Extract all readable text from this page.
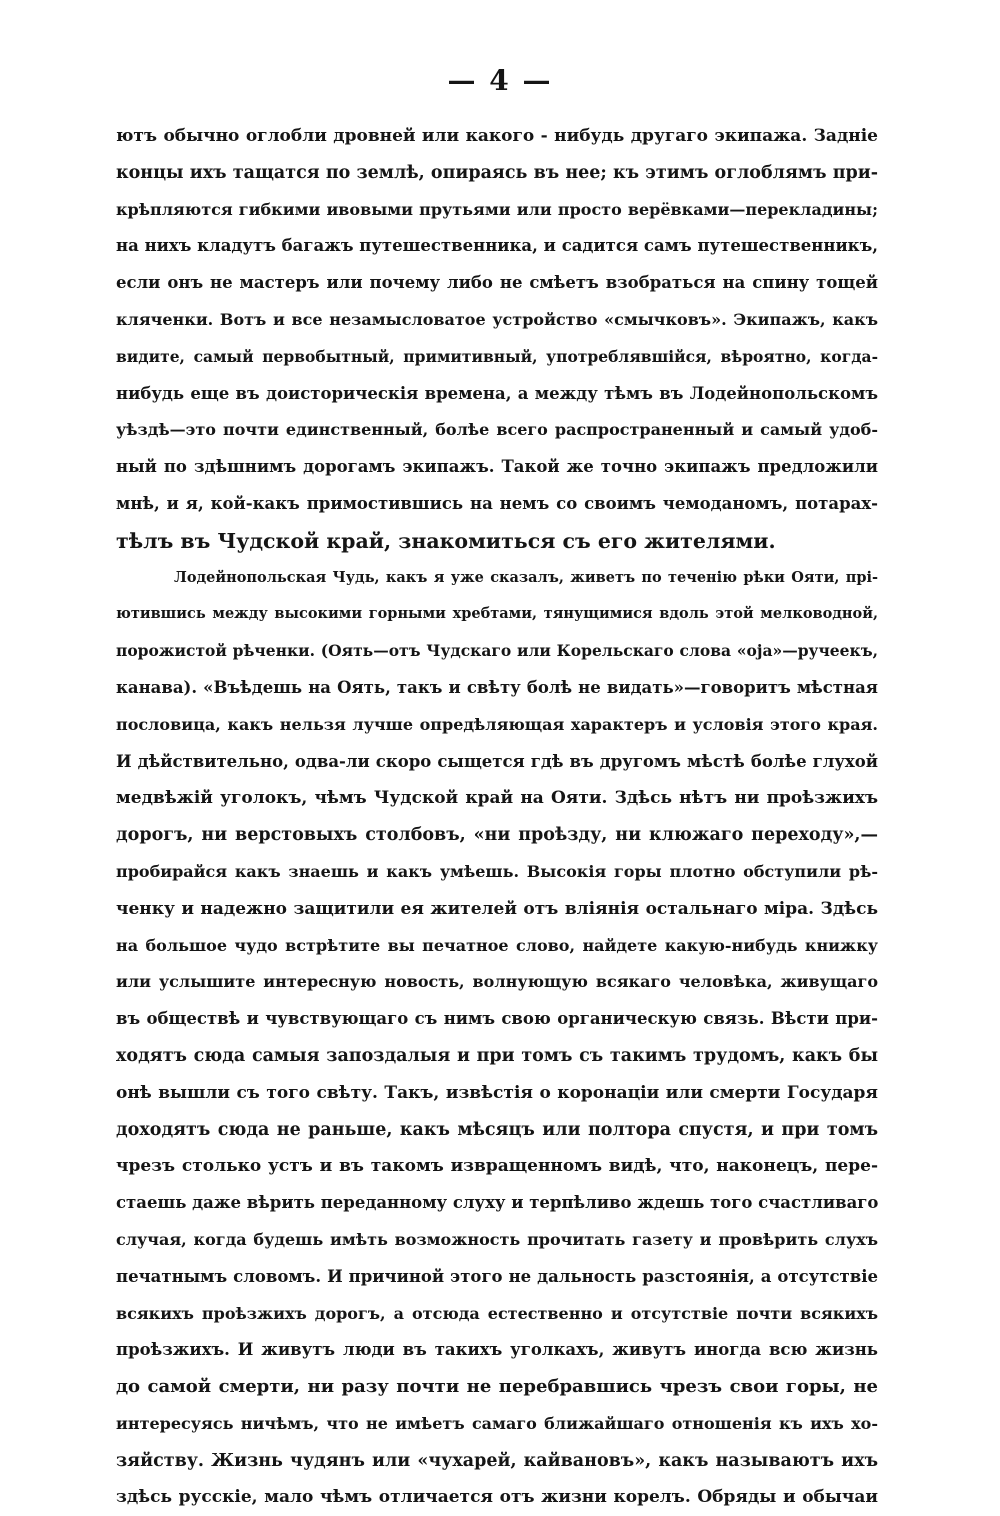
— 4 —
ютъ обычно оглобли дровней или какого - нибудь другаго экипажа. Задніе
концы ихъ тащатся по землѣ, опираясь въ нее; къ этимъ оглоблямъ при-
крѣпляются гибкими ивовыми прутьями или просто верёвками—перекладины;
на нихъ кладутъ багажъ путешественника, и садится самъ путешественникъ,
если онъ не мастеръ или почему либо не смѣетъ взобраться на спину тощей
кляченки. Вотъ и все незамысловатое устройство «смычковъ». Экипажъ, какъ
видите, самый первобытный, примитивный, употреблявшійся, вѣроятно, когда-
нибудь еще въ доисторическія времена, а между тѣмъ въ Лодейнопольскомъ
уѣздѣ—это почти единственный, болѣе всего распространенный и самый удоб-
ный по здѣшнимъ дорогамъ экипажъ. Такой же точно экипажъ предложили
мнѣ, и я, кой-какъ примостившись на немъ со своимъ чемоданомъ, потарах-
тѣлъ въ Чудской край, знакомиться съ его жителями.
Лодейнопольская Чудь, какъ я уже сказалъ, живетъ по теченію рѣки Ояти, прі-
ютившись между высокими горными хребтами, тянущимися вдоль этой мелководной,
порожистой рѣченки. (Оять—отъ Чудскаго или Корельскаго слова «оја»—ручеекъ,
канава). «Въѣдешь на Оять, такъ и свѣту болѣ не видать»—говоритъ мѣстная
пословица, какъ нельзя лучше опредѣляющая характеръ и условія этого края.
И дѣйствительно, одва-ли скоро сыщется гдѣ въ другомъ мѣстѣ болѣе глухой
медвѣжій уголокъ, чѣмъ Чудской край на Ояти. Здѣсь нѣтъ ни проѣзжихъ
дорогъ, ни верстовыхъ столбовъ, «ни проѣзду, ни клюжаго переходу»,—
пробирайся какъ знаешь и какъ умѣешь. Высокія горы плотно обступили рѣ-
ченку и надежно защитили ея жителей отъ вліянія остальнаго міра. Здѣсь
на большое чудо встрѣтите вы печатное слово, найдете какую-нибудь книжку
или услышите интересную новость, волнующую всякаго человѣка, живущаго
въ обществѣ и чувствующаго съ нимъ свою органическую связь. Вѣсти при-
ходятъ сюда самыя запоздалыя и при томъ съ такимъ трудомъ, какъ бы
онѣ вышли съ того свѣту. Такъ, извѣстія о коронаціи или смерти Государя
доходятъ сюда не раньше, какъ мѣсяцъ или полтора спустя, и при томъ
чрезъ столько устъ и въ такомъ извращенномъ видѣ, что, наконецъ, пере-
стаешь даже вѣрить переданному слуху и терпѣливо ждешь того счастливаго
случая, когда будешь имѣть возможность прочитать газету и провѣрить слухъ
печатнымъ словомъ. И причиной этого не дальность разстоянія, а отсутствіе
всякихъ проѣзжихъ дорогъ, а отсюда естественно и отсутствіе почти всякихъ
проѣзжихъ. И живутъ люди въ такихъ уголкахъ, живутъ иногда всю жизнь
до самой смерти, ни разу почти не перебравшись чрезъ свои горы, не
интересуясь ничѣмъ, что не имѣетъ самаго ближайшаго отношенія къ ихъ хо-
зяйству. Жизнь чудянъ или «чухарей, кайвановъ», какъ называютъ ихъ
здѣсь русскіе, мало чѣмъ отличается отъ жизни корелъ. Обряды и обычаи
